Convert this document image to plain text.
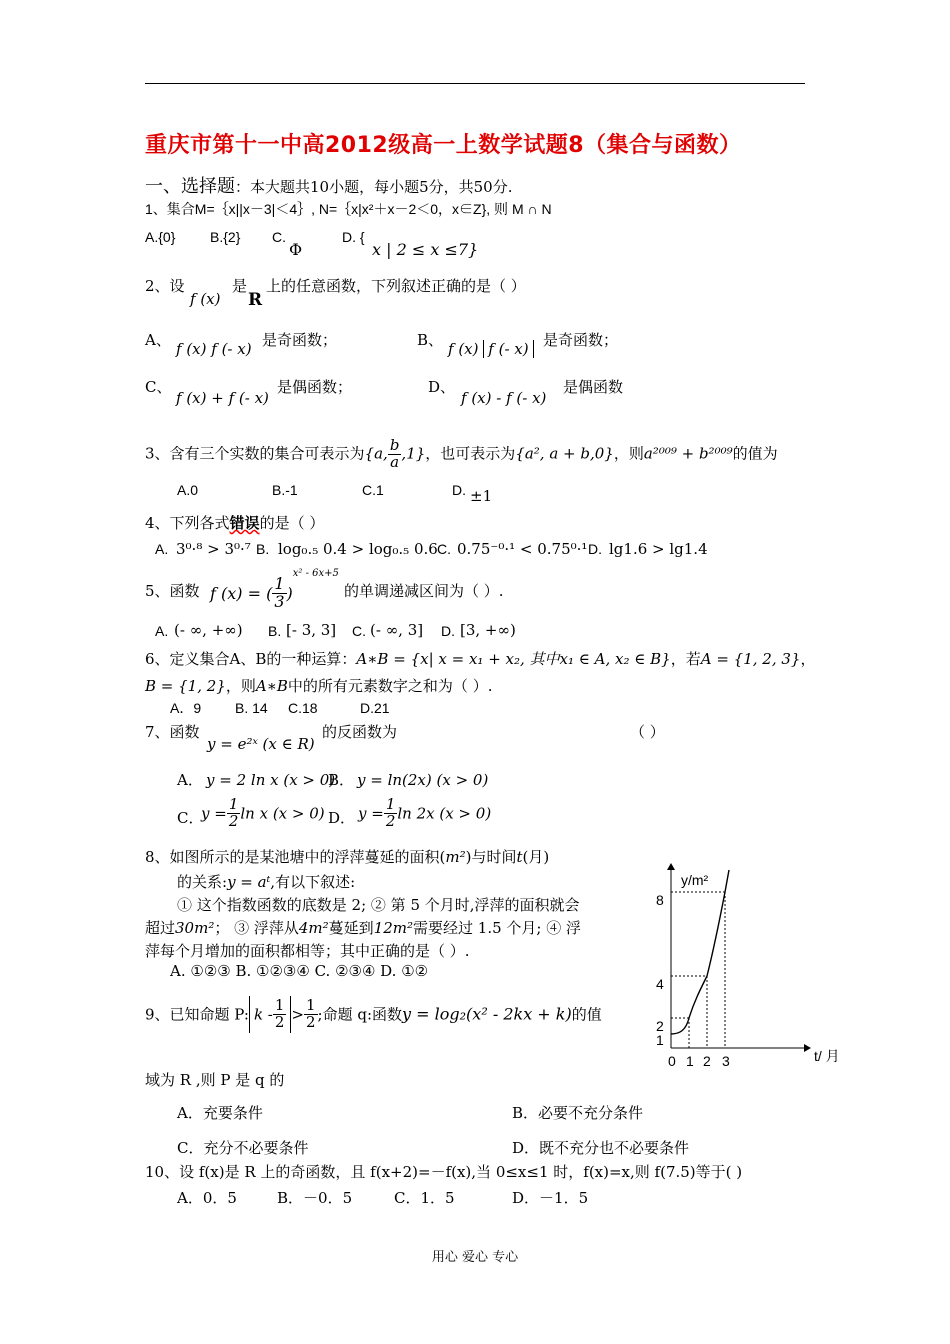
重庆市第十一中高2012级高一上数学试题8（集合与函数）
一、选择题：本大题共10小题，每小题5分，共50分.
1、集合M=｛x||x－3|＜4｝, N=｛x|x²＋x－2＜0，x∈Z}, 则 M ∩ N
A.{0} B.{2} C.
Φ
D. {
x | 2 ≤ x ≤7}
2、设
f (x)
是
R
上的任意函数，下列叙述正确的是（ ）
A、 f (x) f (- x) 是奇函数；	B、 f (x) f (- x) 是奇函数；
C、
f (x) + f (- x)
是偶函数；	D、
f (x) - f (- x)
是偶函数
3、含有三个实数的集合可表示为{a, $\frac{b}{a} ,1$}，也可表示为{a², a + b,0}，则a²⁰⁰⁹ + b²⁰⁰⁹的值为
A.0	B.-1	C.1	D. ±1
4、下列各式错误的是（ ）
A. 3⁰·⁸ > 3⁰·⁷ B. log₀.₅ 0.4 > log₀.₅ 0.6 C. 0.75⁻⁰·¹ < 0.75⁰·¹ D. lg1.6 > lg1.4
5、函数 f (x) = ( $\frac{1}{3} )^{x^2 - 6x+5}$
的单调递减区间为（ ）.
A. (- ∞, +∞) B. [- 3, 3] C. (- ∞, 3] D. [3, +∞)
6、定义集合A、B的一种运算：A∗B = {x| x = x₁ + x₂, 其中x₁ ∈ A, x₂ ∈ B}，若A = {1, 2, 3}，
B = {1, 2}，则A∗B中的所有元素数字之和为（ ）.
A．9 B. 14 C.18	D.21
7、函数
y = e²ˣ (x ∈ R)
的反函数为	（ ）
A． y = 2 ln x (x > 0)
B． y = ln(2x) (x > 0)
C．
$y = \frac{1}{2}$ ln x (x > 0) D． $y = \frac{1}{2}$ ln 2x (x > 0)
8、如图所示的是某池塘中的浮萍蔓延的面积(m²)与时间t(月)
的关系:y = aᵗ,有以下叙述:
① 这个指数函数的底数是 2; ② 第 5 个月时,浮萍的面积就会
超过30m²； ③ 浮萍从4m²蔓延到12m²需要经过 1.5 个月; ④ 浮
萍每个月增加的面积都相等；其中正确的是（ ）.
A. ①②③ B. ①②③④ C. ②③④ D. ①②
y/m²
8
4
2
1
0 1 2 3	t/ 月
9、已知命题 P: $k - \frac{1}{2} > \frac{1}{2}$ ;命题 q:函数y = log₂(x² - 2kx + k)的值
域为 R ,则 P 是 q 的
A．充要条件	B．必要不充分条件
C．充分不必要条件	D．既不充分也不必要条件
10、设 f(x)是 R 上的奇函数，且 f(x+2)=－f(x),当 0≤x≤1 时，f(x)=x,则 f(7.5)等于( )
A．0．5	B．－0．5	C．1．5	D．－1．5
用心 爱心 专心
